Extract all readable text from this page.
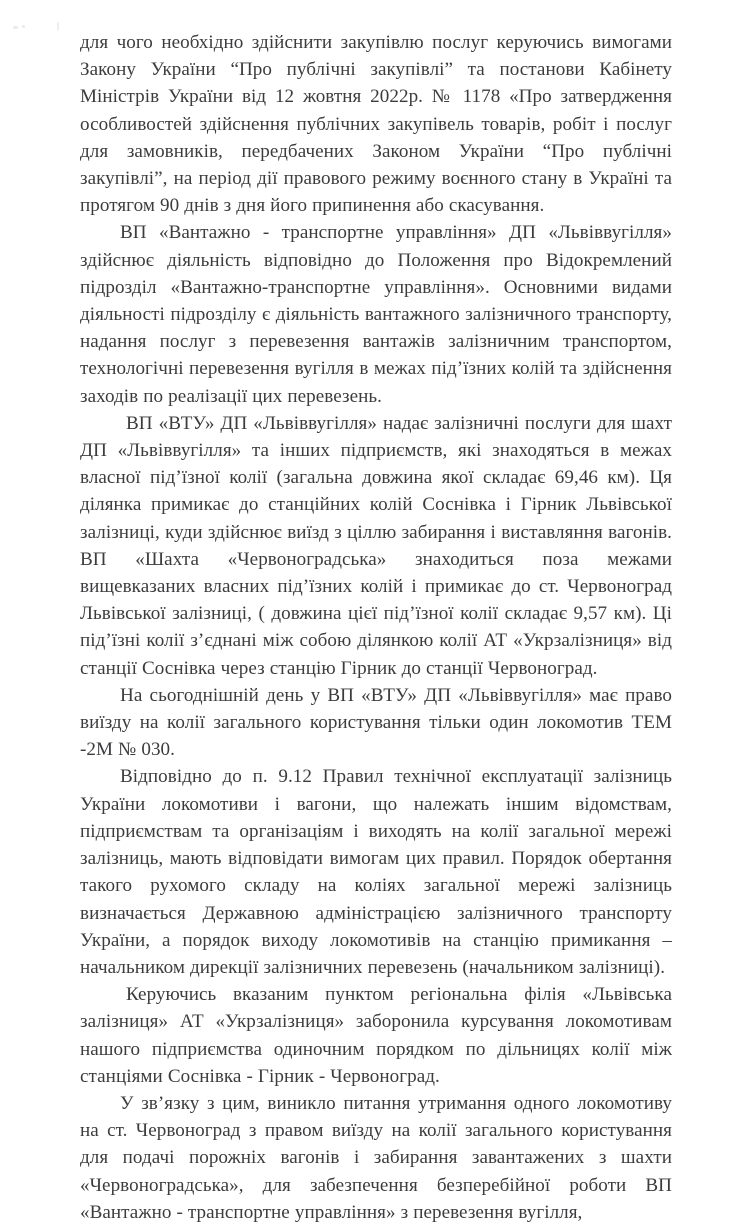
для чого необхідно здійснити закупівлю послуг керуючись вимогами Закону України “Про публічні закупівлі” та постанови Кабінету Міністрів України від 12 жовтня 2022р. № 1178 «Про затвердження особливостей здійснення публічних закупівель товарів, робіт і послуг для замовників, передбачених Законом України “Про публічні закупівлі”, на період дії правового режиму воєнного стану в Україні та протягом 90 днів з дня його припинення або скасування.

ВП «Вантажно - транспортне управління» ДП «Львіввугілля» здійснює діяльність відповідно до Положення про Відокремлений підрозділ «Вантажно-транспортне управління». Основними видами діяльності підрозділу є діяльність вантажного залізничного транспорту, надання послуг з перевезення вантажів залізничним транспортом, технологічні перевезення вугілля в межах під’їзних колій та здійснення заходів по реалізації цих перевезень.

ВП «ВТУ» ДП «Львіввугілля» надає залізничні послуги для шахт ДП «Львіввугілля» та інших підприємств, які знаходяться в межах власної під’їзної колії (загальна довжина якої складає 69,46 км). Ця ділянка примикає до станційних колій Соснівка і Гірник Львівської залізниці, куди здійснює виїзд з ціллю забирання і виставляння вагонів. ВП «Шахта «Червоноградська» знаходиться поза межами вищевказаних власних під’їзних колій і примикає до ст. Червоноград Львівської залізниці, ( довжина цієї під’їзної колії складає 9,57 км). Ці під’їзні колії з’єднані між собою ділянкою колії АТ «Укрзалізниця» від станції Соснівка через станцію Гірник до станції Червоноград.

На сьогоднішній день у ВП «ВТУ» ДП «Львіввугілля» має право виїзду на колії загального користування тільки один локомотив ТЕМ -2М № 030.

Відповідно до п. 9.12 Правил технічної експлуатації залізниць України локомотиви і вагони, що належать іншим відомствам, підприємствам та організаціям і виходять на колії загальної мережі залізниць, мають відповідати вимогам цих правил. Порядок обертання такого рухомого складу на коліях загальної мережі залізниць визначається Державною адміністрацією залізничного транспорту України, а порядок виходу локомотивів на станцію примикання – начальником дирекції залізничних перевезень (начальником залізниці).

Керуючись вказаним пунктом регіональна філія «Львівська залізниця» АТ «Укрзалізниця» заборонила курсування локомотивам нашого підприємства одиночним порядком по дільницях колії між станціями Соснівка - Гірник - Червоноград.

У зв’язку з цим, виникло питання утримання одного локомотиву на ст. Червоноград з правом виїзду на колії загального користування для подачі порожніх вагонів і забирання завантажених з шахти «Червоноградська», для забезпечення безперебійної роботи ВП «Вантажно - транспортне управління» з перевезення вугілля,
